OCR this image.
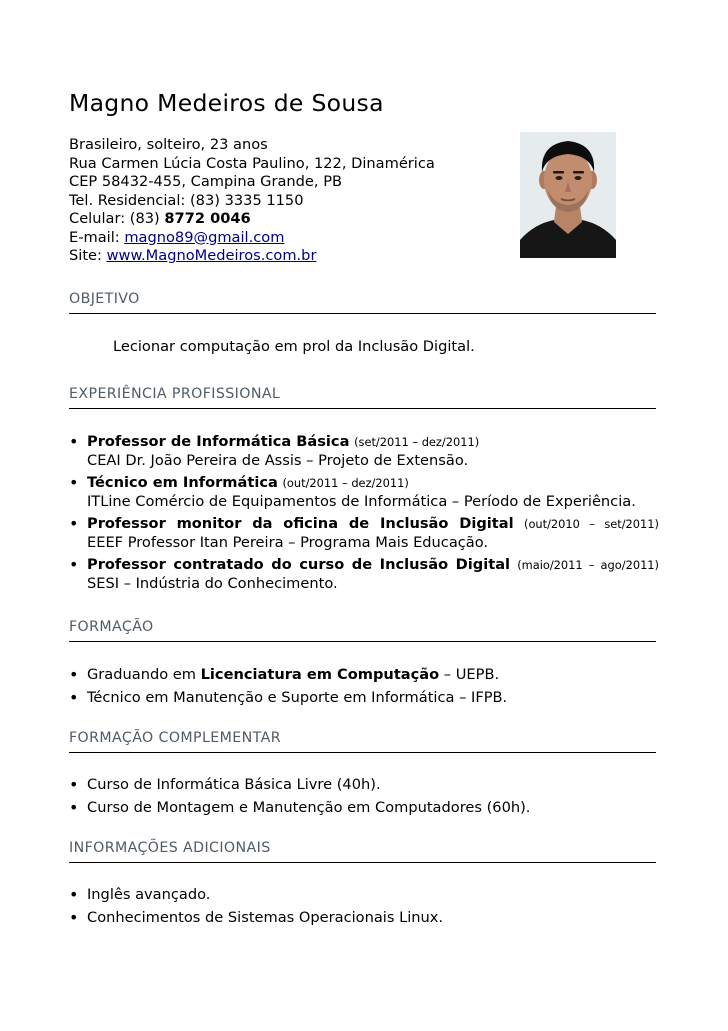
Magno Medeiros de Sousa
Brasileiro, solteiro, 23 anos
Rua Carmen Lúcia Costa Paulino, 122, Dinamérica
CEP 58432-455, Campina Grande, PB
Tel. Residencial: (83) 3335 1150
Celular: (83) 8772 0046
E-mail: magno89@gmail.com
Site: www.MagnoMedeiros.com.br
OBJETIVO
Lecionar computação em prol da Inclusão Digital.
EXPERIÊNCIA PROFISSIONAL
• Professor de Informática Básica (set/2011 – dez/2011)
CEAI Dr. João Pereira de Assis – Projeto de Extensão.
• Técnico em Informática (out/2011 – dez/2011)
ITLine Comércio de Equipamentos de Informática – Período de Experiência.
• Professor monitor da oficina de Inclusão Digital (out/2010 – set/2011)
EEEF Professor Itan Pereira – Programa Mais Educação.
• Professor contratado do curso de Inclusão Digital (maio/2011 – ago/2011)
SESI – Indústria do Conhecimento.
FORMAÇÃO
• Graduando em Licenciatura em Computação – UEPB.
• Técnico em Manutenção e Suporte em Informática – IFPB.
FORMAÇÃO COMPLEMENTAR
• Curso de Informática Básica Livre (40h).
• Curso de Montagem e Manutenção em Computadores (60h).
INFORMAÇÕES ADICIONAIS
• Inglês avançado.
• Conhecimentos de Sistemas Operacionais Linux.
